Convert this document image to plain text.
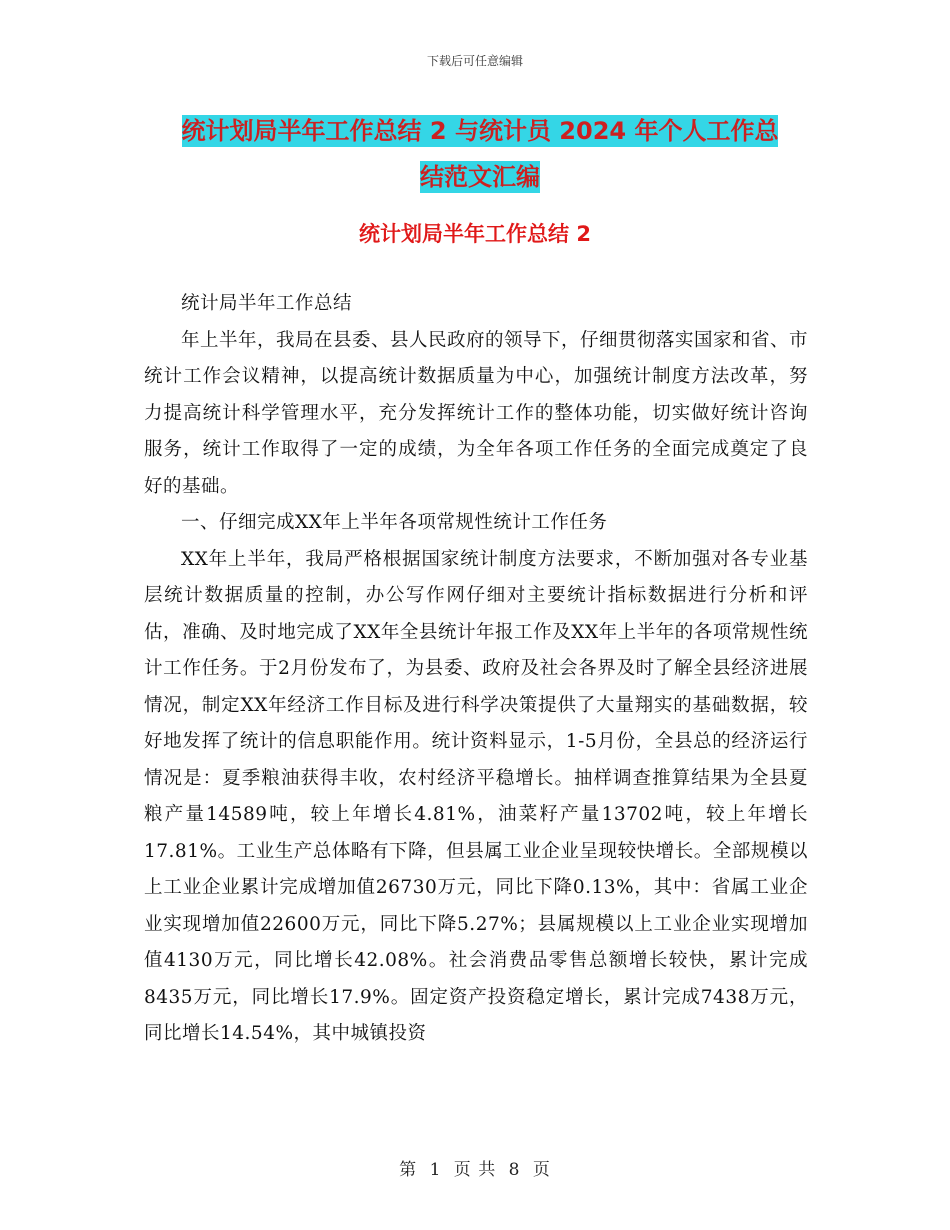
下载后可任意编辑
统计划局半年工作总结 2 与统计员 2024 年个人工作总
结范文汇编
统计划局半年工作总结 2

统计局半年工作总结

年上半年，我局在县委、县人民政府的领导下，仔细贯彻落实国家和省、市统计工作会议精神，以提高统计数据质量为中心，加强统计制度方法改革，努力提高统计科学管理水平，充分发挥统计工作的整体功能，切实做好统计咨询服务，统计工作取得了一定的成绩，为全年各项工作任务的全面完成奠定了良好的基础。

一、仔细完成XX年上半年各项常规性统计工作任务

XX年上半年，我局严格根据国家统计制度方法要求，不断加强对各专业基层统计数据质量的控制，办公写作网仔细对主要统计指标数据进行分析和评估，准确、及时地完成了XX年全县统计年报工作及XX年上半年的各项常规性统计工作任务。于2月份发布了，为县委、政府及社会各界及时了解全县经济进展情况，制定XX年经济工作目标及进行科学决策提供了大量翔实的基础数据，较好地发挥了统计的信息职能作用。统计资料显示，1-5月份，全县总的经济运行情况是：夏季粮油获得丰收，农村经济平稳增长。抽样调查推算结果为全县夏粮产量14589吨，较上年增长4.81%，油菜籽产量13702吨，较上年增长17.81%。工业生产总体略有下降，但县属工业企业呈现较快增长。全部规模以上工业企业累计完成增加值26730万元，同比下降0.13%，其中：省属工业企业实现增加值22600万元，同比下降5.27%；县属规模以上工业企业实现增加值4130万元，同比增长42.08%。社会消费品零售总额增长较快，累计完成8435万元，同比增长17.9%。固定资产投资稳定增长，累计完成7438万元，同比增长14.54%，其中城镇投资

第 1 页 共 8 页
